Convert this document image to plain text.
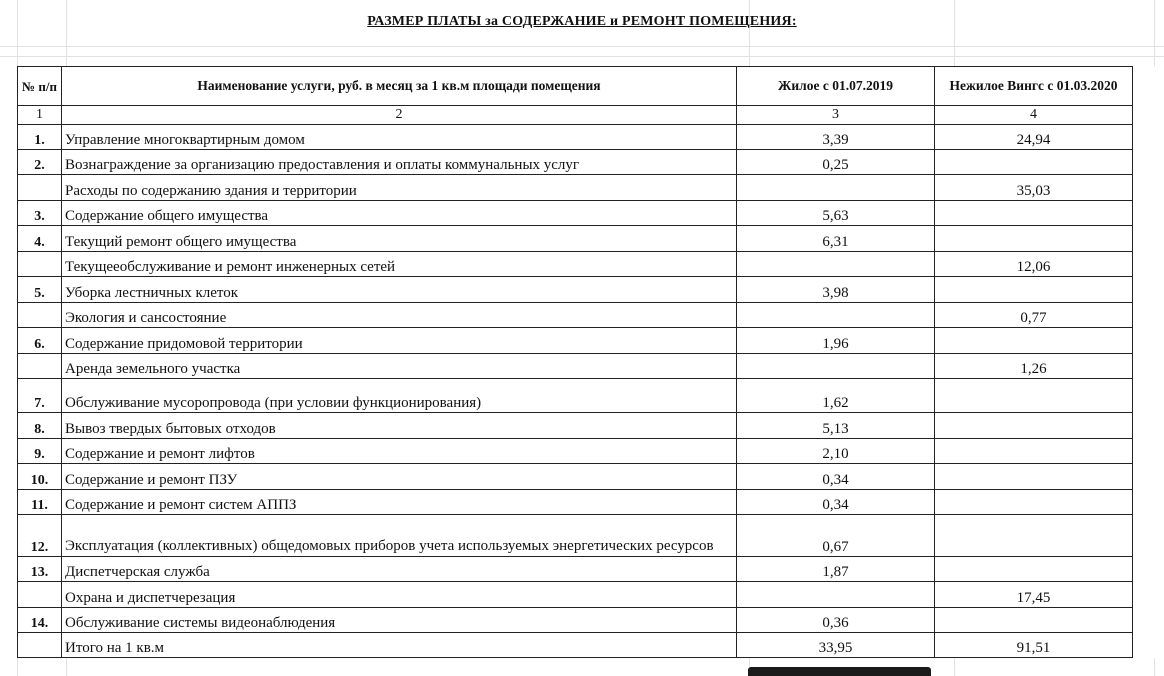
РАЗМЕР ПЛАТЫ за СОДЕРЖАНИЕ и РЕМОНТ ПОМЕЩЕНИЯ:
№ п/п	Наименование услуги, руб. в месяц за 1 кв.м площади помещения	Жилое с 01.07.2019	Нежилое Вингс с 01.03.2020	
1	2	3	4	
1.	Управление многоквартирным домом	3,39	24,94	
2.	Вознаграждение за организацию предоставления и оплаты коммунальных услуг	0,25		
	Расходы по содержанию здания и территории		35,03	
3.	Содержание общего имущества	5,63		
4.	Текущий ремонт общего имущества	6,31		
	Текущееобслуживание и ремонт инженерных сетей		12,06	
5.	Уборка лестничных клеток	3,98		
	Экология и сансостояние		0,77	
6.	Содержание придомовой территории	1,96		
	Аренда земельного участка		1,26	
7.	Обслуживание мусоропровода (при условии функционирования)	1,62		
8.	Вывоз твердых бытовых отходов	5,13		
9.	Содержание и ремонт лифтов	2,10		
10.	Содержание и ремонт ПЗУ	0,34		
11.	Содержание и ремонт систем АППЗ	0,34		
12.	Эксплуатация (коллективных) общедомовых приборов учета используемых энергетических ресурсов	0,67		
13.	Диспетчерская служба	1,87		
	Охрана и диспетчерезация		17,45	
14.	Обслуживание системы видеонаблюдения	0,36		
	Итого на 1 кв.м	33,95	91,51	
